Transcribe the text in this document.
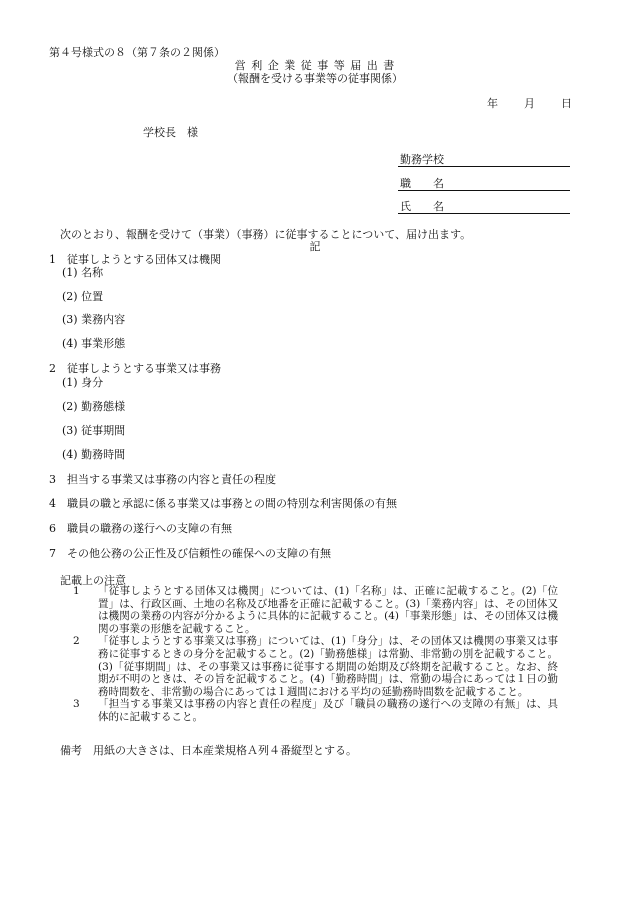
第４号様式の８（第７条の２関係）
営 利 企 業 従 事 等 届 出 書
（報酬を受ける事業等の従事関係）
年 月 日
学校長　様
勤務学校
職　　名
氏　　名
次のとおり、報酬を受けて（事業）（事務）に従事することについて、届け出ます。
記
1　従事しようとする団体又は機関
(1) 名称
(2) 位置
(3) 業務内容
(4) 事業形態
2　従事しようとする事業又は事務
(1) 身分
(2) 勤務態様
(3) 従事期間
(4) 勤務時間
3　担当する事業又は事務の内容と責任の程度
4　職員の職と承認に係る事業又は事務との間の特別な利害関係の有無
6　職員の職務の遂行への支障の有無
7　その他公務の公正性及び信頼性の確保への支障の有無
記載上の注意
1	「従事しようとする団体又は機関」については、(1)「名称」は、正確に記載すること。(2)「位置」は、行政区画、土地の名称及び地番を正確に記載すること。(3)「業務内容」は、その団体又は機関の業務の内容が分かるように具体的に記載すること。(4)「事業形態」は、その団体又は機関の事業の形態を記載すること。
2	「従事しようとする事業又は事務」については、(1)「身分」は、その団体又は機関の事業又は事務に従事するときの身分を記載すること。(2)「勤務態様」は常勤、非常勤の別を記載すること。(3)「従事期間」は、その事業又は事務に従事する期間の始期及び終期を記載すること。なお、終期が不明のときは、その旨を記載すること。(4)「勤務時間」は、常勤の場合にあっては１日の勤務時間数を、非常勤の場合にあっては１週間における平均の延勤務時間数を記載すること。
3	「担当する事業又は事務の内容と責任の程度」及び「職員の職務の遂行への支障の有無」は、具体的に記載すること。
備考　用紙の大きさは、日本産業規格Ａ列４番縦型とする。
